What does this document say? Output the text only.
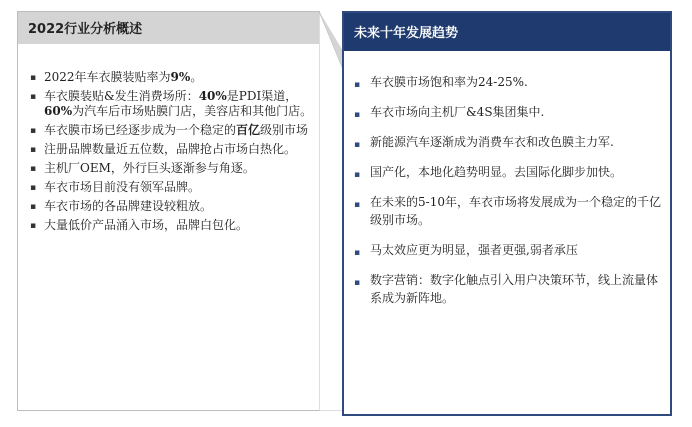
2022行业分析概述
▪ 2022年车衣膜装贴率为9%。
▪ 车衣膜装贴&发生消费场所：40%是PDI渠道，60%为汽车后市场贴膜门店，美容店和其他门店。
▪ 车衣膜市场已经逐步成为一个稳定的百亿级别市场
▪ 注册品牌数量近五位数，品牌抢占市场白热化。
▪ 主机厂OEM，外行巨头逐渐参与角逐。
▪ 车衣市场目前没有领军品牌。
▪ 车衣市场的各品牌建设较粗放。
▪ 大量低价产品涌入市场，品牌白包化。
未来十年发展趋势
▪ 车衣膜市场饱和率为24-25%.
▪ 车衣市场向主机厂&4S集团集中.
▪ 新能源汽车逐渐成为消费车衣和改色膜主力军.
▪ 国产化，本地化趋势明显。去国际化脚步加快。
▪ 在未来的5-10年，车衣市场将发展成为一个稳定的千亿级别市场。
▪ 马太效应更为明显，强者更强,弱者承压
▪ 数字营销：数字化触点引入用户决策环节，线上流量体系成为新阵地。
